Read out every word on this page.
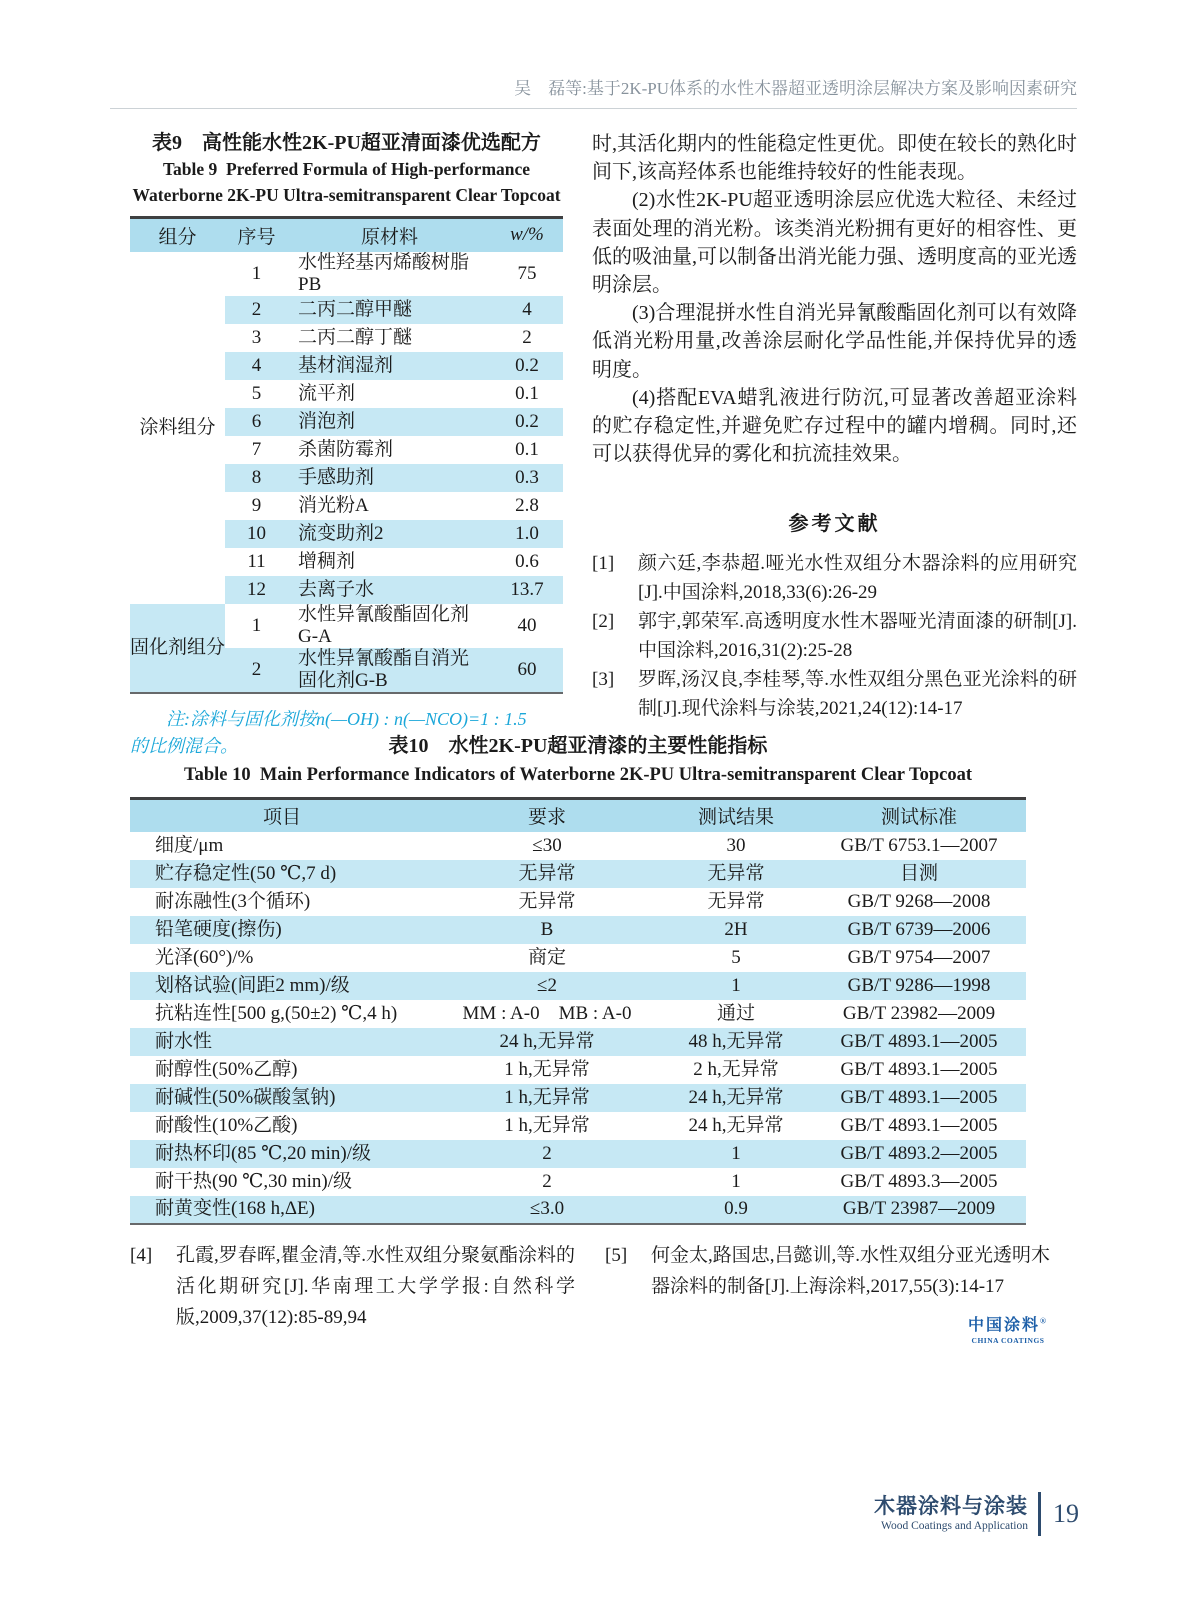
吴　磊等:基于2K-PU体系的水性木器超亚透明涂层解决方案及影响因素研究
表9　高性能水性2K-PU超亚清面漆优选配方
Table 9  Preferred Formula of High-performance
Waterborne 2K-PU Ultra-semitransparent Clear Topcoat
组分	序号	原材料	w/%
涂料组分	1	水性羟基丙烯酸树脂PB	75
	2	二丙二醇甲醚	4
	3	二丙二醇丁醚	2
	4	基材润湿剂	0.2
	5	流平剂	0.1
	6	消泡剂	0.2
	7	杀菌防霉剂	0.1
	8	手感助剂	0.3
	9	消光粉A	2.8
	10	流变助剂2	1.0
	11	增稠剂	0.6
	12	去离子水	13.7
固化剂组分	1	水性异氰酸酯固化剂G-A	40
	2	水性异氰酸酯自消光固化剂G-B	60
注:涂料与固化剂按n(—OH) : n(—NCO)=1 : 1.5
的比例混合。

时,其活化期内的性能稳定性更优。即使在较长的熟化时间下,该高羟体系也能维持较好的性能表现。

(2)水性2K-PU超亚透明涂层应优选大粒径、未经过表面处理的消光粉。该类消光粉拥有更好的相容性、更低的吸油量,可以制备出消光能力强、透明度高的亚光透明涂层。

(3)合理混拼水性自消光异氰酸酯固化剂可以有效降低消光粉用量,改善涂层耐化学品性能,并保持优异的透明度。

(4)搭配EVA蜡乳液进行防沉,可显著改善超亚涂料的贮存稳定性,并避免贮存过程中的罐内增稠。同时,还可以获得优异的雾化和抗流挂效果。

参考文献
[1]	颜六廷,李恭超.哑光水性双组分木器涂料的应用研究[J].中国涂料,2018,33(6):26-29
[2]	郭宇,郭荣军.高透明度水性木器哑光清面漆的研制[J].中国涂料,2016,31(2):25-28
[3]	罗晖,汤汉良,李桂琴,等.水性双组分黑色亚光涂料的研制[J].现代涂料与涂装,2021,24(12):14-17
表10　水性2K-PU超亚清漆的主要性能指标
Table 10  Main Performance Indicators of Waterborne 2K-PU Ultra-semitransparent Clear Topcoat
项目	要求	测试结果	测试标准
细度/μm	≤30	30	GB/T 6753.1—2007
贮存稳定性(50 ℃,7 d)	无异常	无异常	目测
耐冻融性(3个循环)	无异常	无异常	GB/T 9268—2008
铅笔硬度(擦伤)	B	2H	GB/T 6739—2006
光泽(60°)/%	商定	5	GB/T 9754—2007
划格试验(间距2 mm)/级	≤2	1	GB/T 9286—1998
抗粘连性[500 g,(50±2) ℃,4 h)	MM : A-0　MB : A-0	通过	GB/T 23982—2009
耐水性	24 h,无异常	48 h,无异常	GB/T 4893.1—2005
耐醇性(50%乙醇)	1 h,无异常	2 h,无异常	GB/T 4893.1—2005
耐碱性(50%碳酸氢钠)	1 h,无异常	24 h,无异常	GB/T 4893.1—2005
耐酸性(10%乙酸)	1 h,无异常	24 h,无异常	GB/T 4893.1—2005
耐热杯印(85 ℃,20 min)/级	2	1	GB/T 4893.2—2005
耐干热(90 ℃,30 min)/级	2	1	GB/T 4893.3—2005
耐黄变性(168 h,ΔE)	≤3.0	0.9	GB/T 23987—2009
[4]	孔霞,罗春晖,瞿金清,等.水性双组分聚氨酯涂料的活化期研究[J].华南理工大学学报:自然科学版,2009,37(12):85-89,94
[5]	何金太,路国忠,吕懿训,等.水性双组分亚光透明木器涂料的制备[J].上海涂料,2017,55(3):14-17
中国涂料®
CHINA COATINGS
木器涂料与涂装
Wood Coatings and Application 19
